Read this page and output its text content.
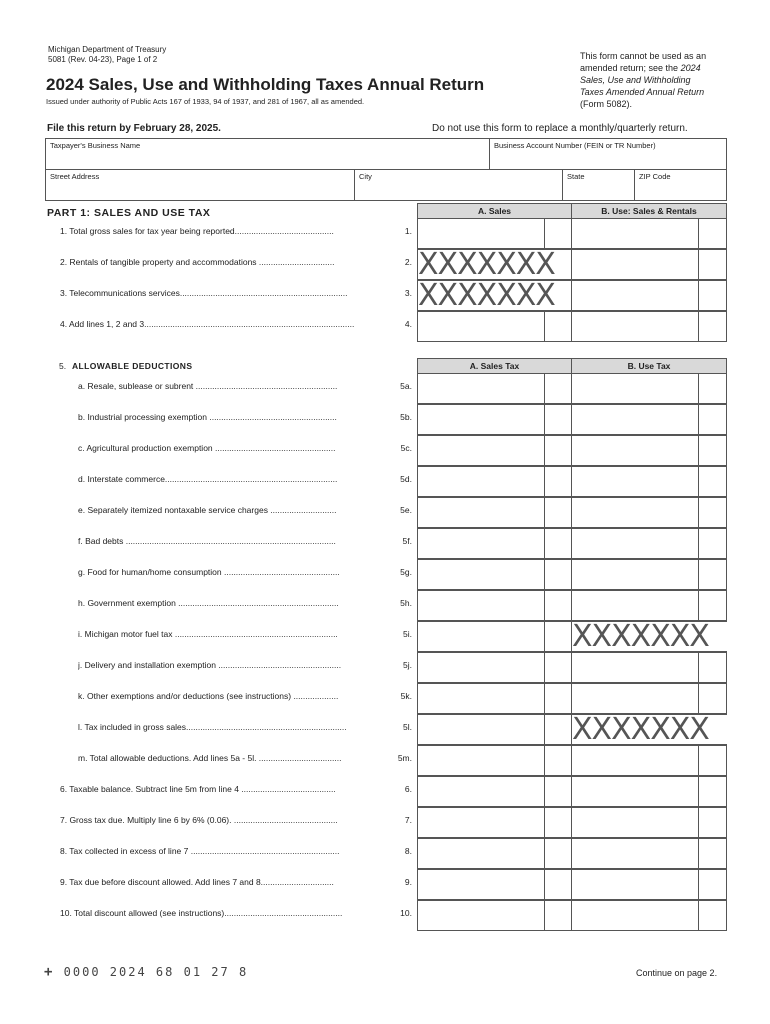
Michigan Department of Treasury
5081 (Rev. 04-23), Page 1 of 2
2024 Sales, Use and Withholding Taxes Annual Return
Issued under authority of Public Acts 167 of 1933, 94 of 1937, and 281 of 1967, all as amended.
This form cannot be used as an
amended return; see the 2024
Sales, Use and Withholding
Taxes Amended Annual Return
(Form 5082).
File this return by February 28, 2025.	Do not use this form to replace a monthly/quarterly return.
Taxpayer's Business Name	Business Account Number (FEIN or TR Number)
Street Address	City	State	ZIP Code
PART 1: SALES AND USE TAX	A. Sales	B. Use: Sales & Rentals
1. Total gross sales for tax year being reported..........................................	1.
2. Rentals of tangible property and accommodations ................................	2. XXXXXXX
3. Telecommunications services.......................................................................	3. XXXXXXX
4. Add lines 1, 2 and 3.........................................................................................	4.
5. ALLOWABLE DEDUCTIONS	A. Sales Tax	B. Use Tax
a. Resale, sublease or subrent ............................................................	5a.
b. Industrial processing exemption ......................................................	5b.
c. Agricultural production exemption ...................................................	5c.
d. Interstate commerce.........................................................................	5d.
e. Separately itemized nontaxable service charges ............................	5e.
f. Bad debts .........................................................................................	5f.
g. Food for human/home consumption .................................................	5g.
h. Government exemption ....................................................................	5h.
i. Michigan motor fuel tax .....................................................................	5i.	XXXXXXX
j. Delivery and installation exemption ....................................................	5j.
k. Other exemptions and/or deductions (see instructions) ...................	5k.
l. Tax included in gross sales....................................................................	5l.	XXXXXXX
m. Total allowable deductions. Add lines 5a - 5l. ...................................	5m.
6. Taxable balance. Subtract line 5m from line 4 ........................................	6.
7. Gross tax due. Multiply line 6 by 6% (0.06). ............................................	7.
8. Tax collected in excess of line 7 ...............................................................	8.
9. Tax due before discount allowed. Add lines 7 and 8...............................	9.
10. Total discount allowed (see instructions)..................................................	10.
+ 0000 2024 68 01 27 8	Continue on page 2.
